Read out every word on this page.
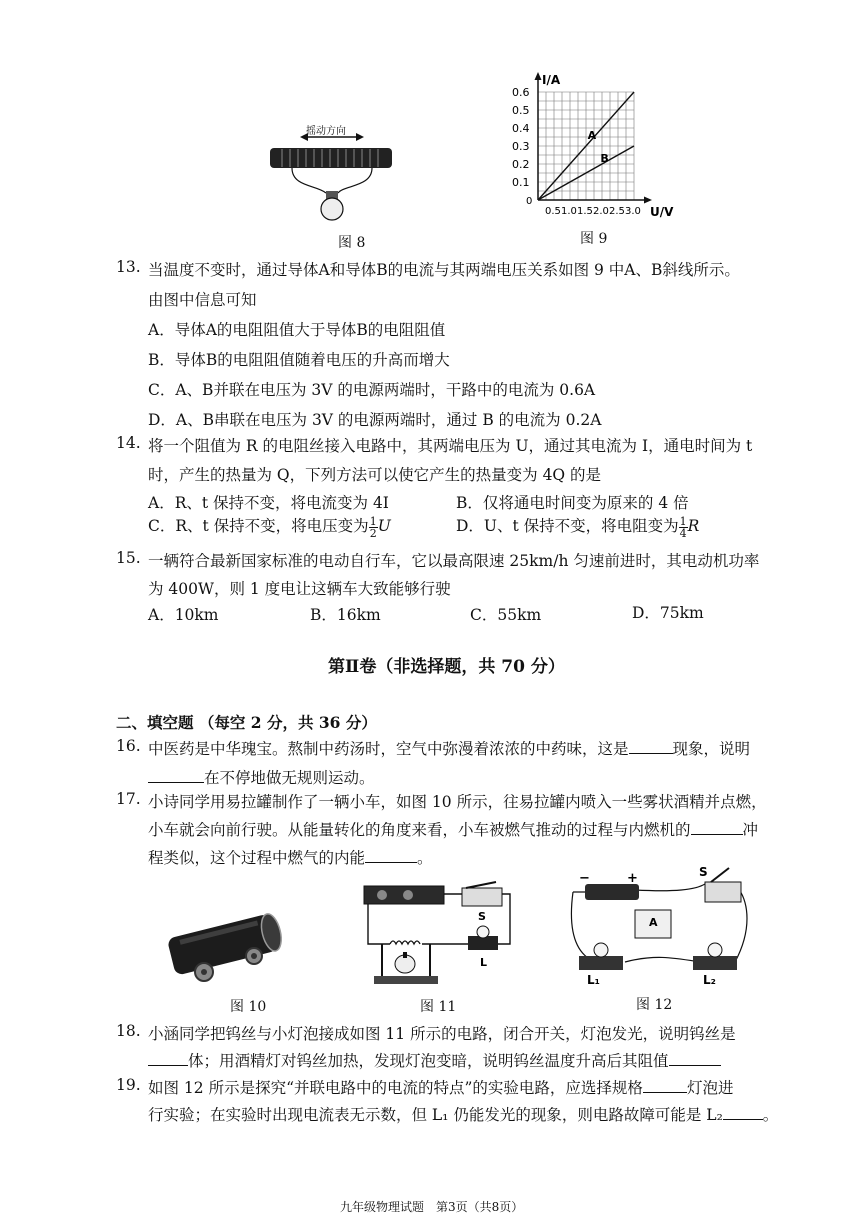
摇动方向
图 8
0.1
0.2
0.3
0.4
0.5
0.6
0.5 1.0 1.5 2.0 2.5 3.0
I/A
U/V
A
B
0
图 9
13. 当温度不变时，通过导体A和导体B的电流与其两端电压关系如图 9 中A、B斜线所示。
由图中信息可知
A．导体A的电阻阻值大于导体B的电阻阻值
B．导体B的电阻阻值随着电压的升高而增大
C．A、B并联在电压为 3V 的电源两端时，干路中的电流为 0.6A
D．A、B串联在电压为 3V 的电源两端时，通过 B 的电流为 0.2A
14. 将一个阻值为 R 的电阻丝接入电路中，其两端电压为 U，通过其电流为 I，通电时间为 t
时，产生的热量为 Q，下列方法可以使它产生的热量变为 4Q 的是
A．R、t 保持不变，将电流变为 4I	B．仅将通电时间变为原来的 4 倍
C．R、t 保持不变，将电压变为 $\frac{1}{2}$ U	D．U、t 保持不变，将电阻变为 $\frac{1}{4}$ R
15. 一辆符合最新国家标准的电动自行车，它以最高限速 25km/h 匀速前进时，其电动机功率
为 400W，则 1 度电让这辆车大致能够行驶
A．10km	B．16km	C．55km	D．75km
第Ⅱ卷（非选择题，共 70 分）
二、填空题 （每空 2 分，共 36 分）
16. 中医药是中华瑰宝。熬制中药汤时，空气中弥漫着浓浓的中药味，这是	现象，说明
在不停地做无规则运动。
17. 小诗同学用易拉罐制作了一辆小车，如图 10 所示，往易拉罐内喷入一些雾状酒精并点燃，
小车就会向前行驶。从能量转化的角度来看，小车被燃气推动的过程与内燃机的	冲
程类似，这个过程中燃气的内能	。
图 10
S
L
图 11
−	+	S
A
L₁	L₂
图 12
18. 小涵同学把钨丝与小灯泡接成如图 11 所示的电路，闭合开关，灯泡发光，说明钨丝是
体；用酒精灯对钨丝加热，发现灯泡变暗，说明钨丝温度升高后其阻值
19. 如图 12 所示是探究“并联电路中的电流的特点”的实验电路，应选择规格	灯泡进
行实验；在实验时出现电流表无示数，但 L₁ 仍能发光的现象，则电路故障可能是 L₂	。
九年级物理试题　第3页（共8页）
